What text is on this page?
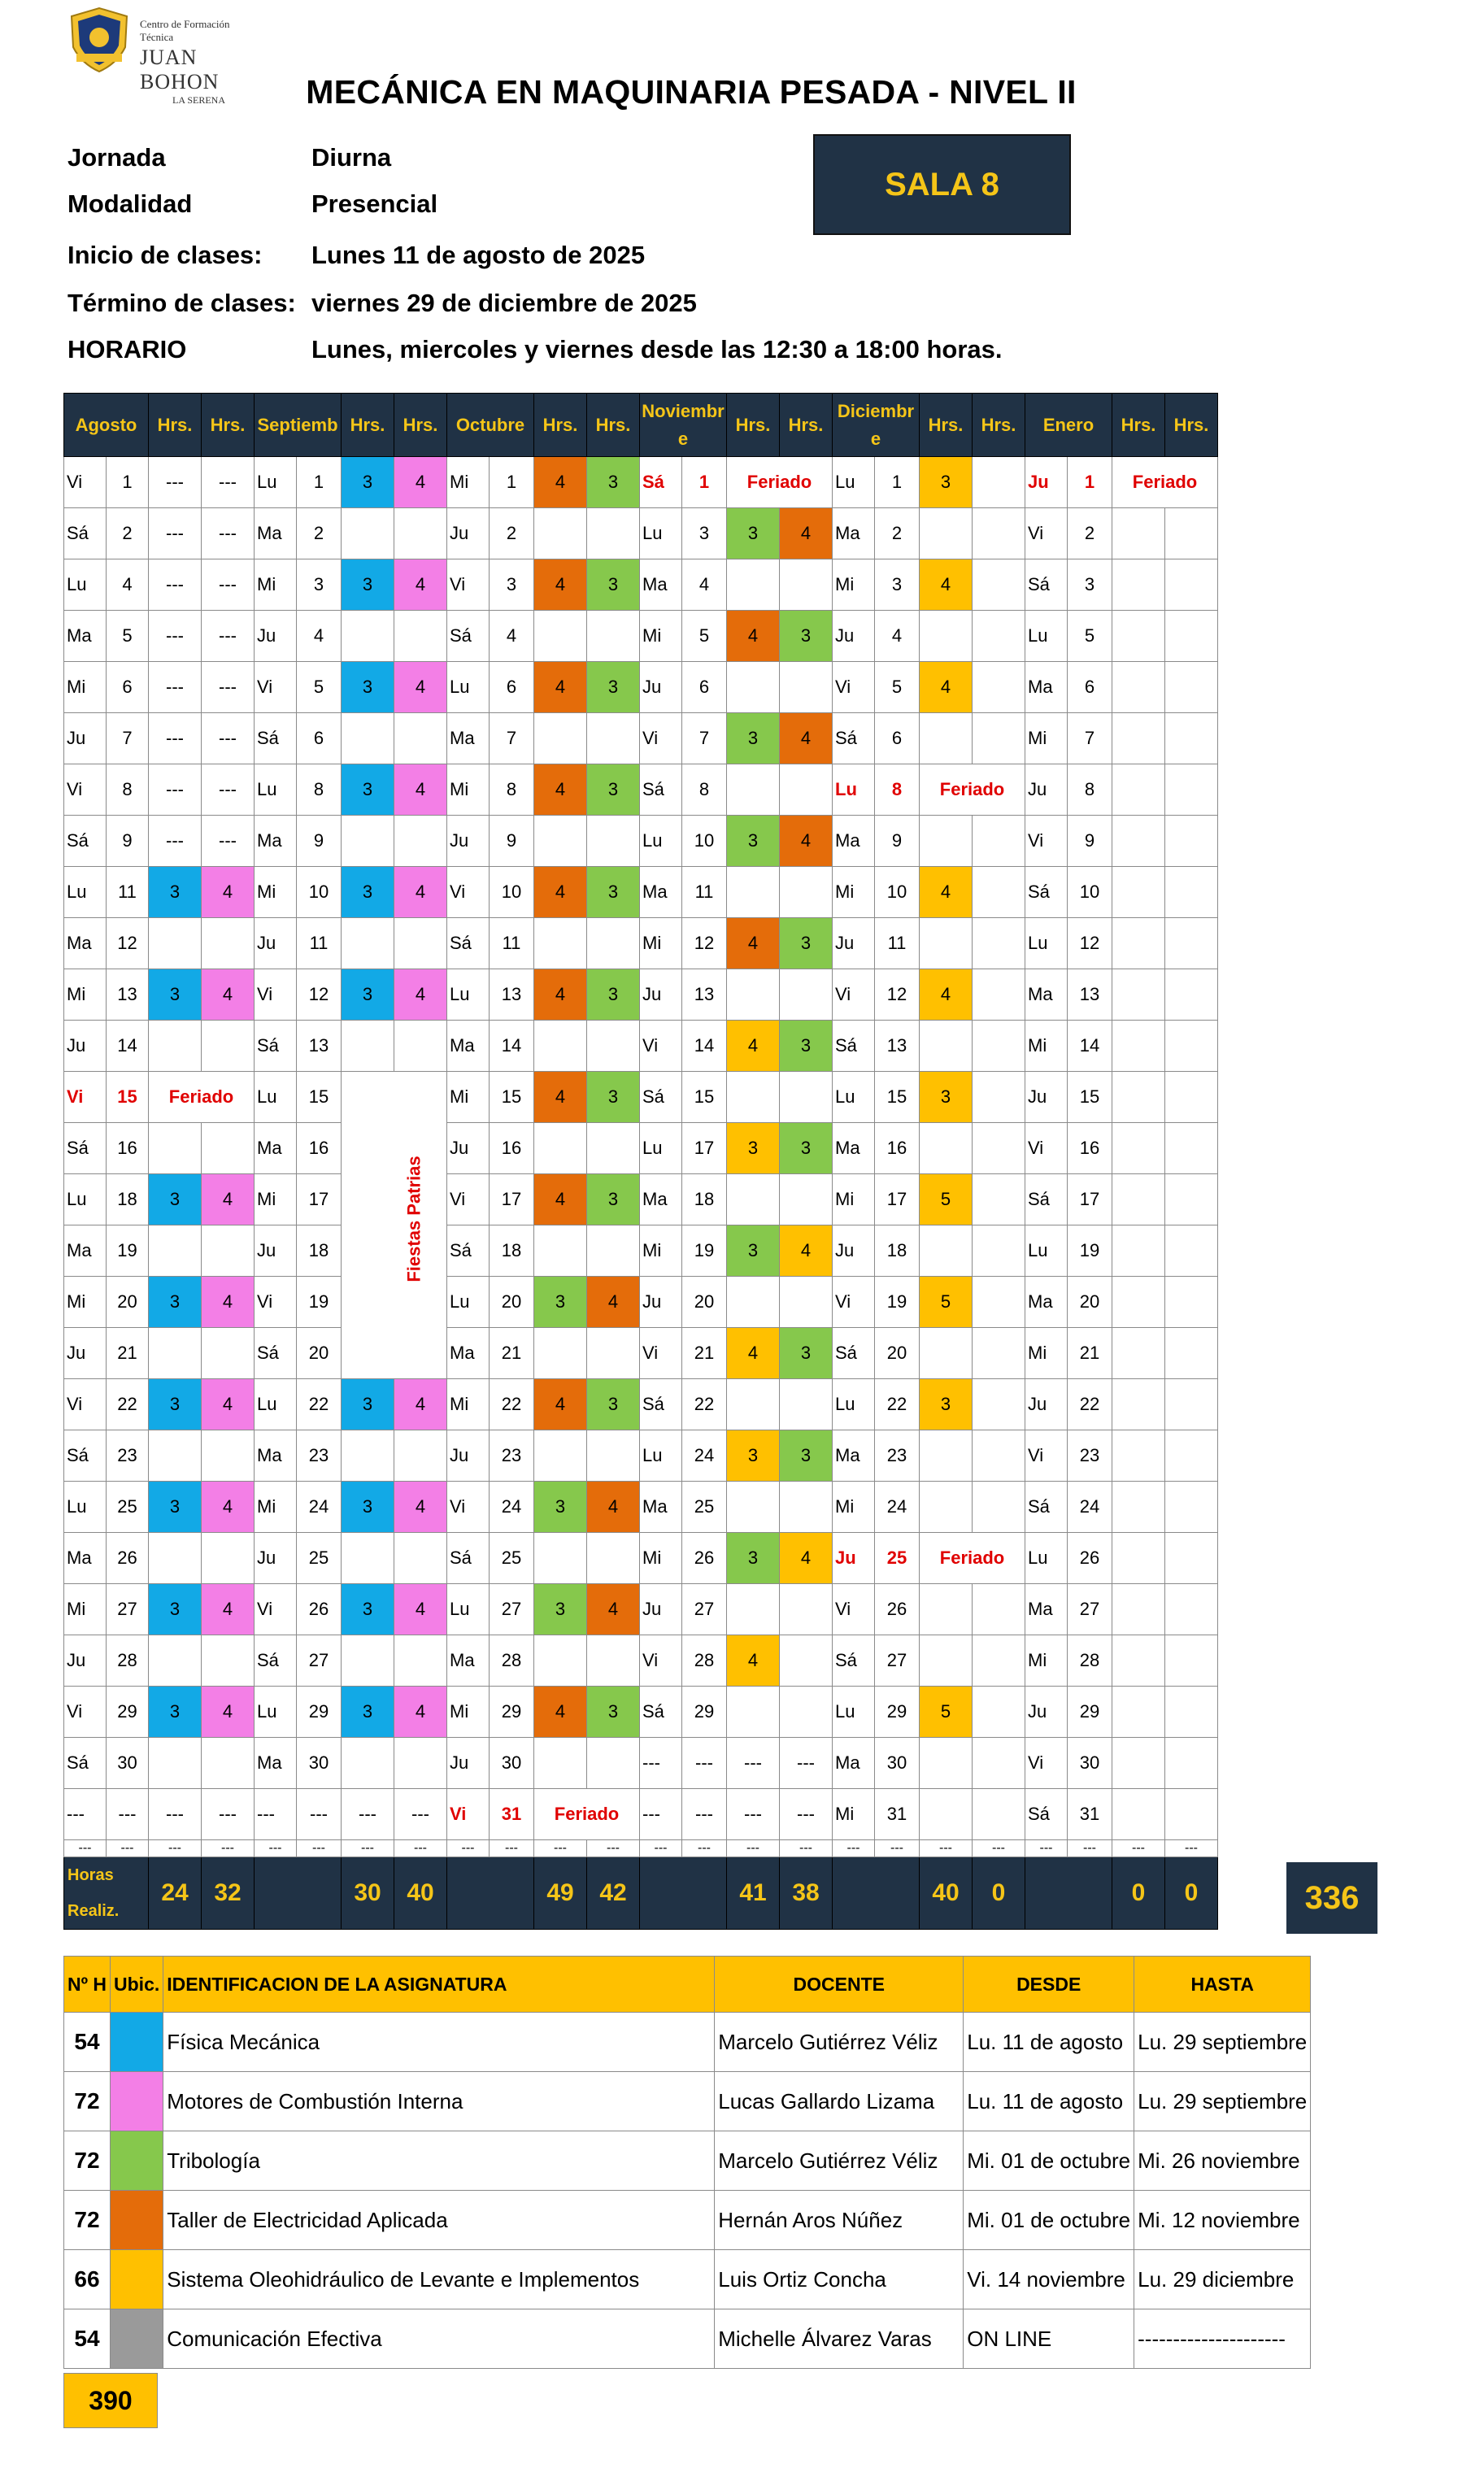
Centro de Formación Técnica
JUAN BOHON
LA SERENA	MECÁNICA EN MAQUINARIA PESADA - NIVEL II
Jornada	Diurna
Modalidad	Presencial
Inicio de clases: Lunes 11 de agosto de 2025
Término de clases: viernes 29 de diciembre de 2025
HORARIO	Lunes, miercoles y viernes desde las 12:30 a 18:00 horas.
SALA 8
Agosto		Hrs.	Hrs.	Septiemb		Hrs.	Hrs.	Octubre		Hrs.	Hrs.	Noviembre		Hrs.	Hrs.	Diciembre		Hrs.	Hrs.	Enero		Hrs.	Hrs.
Vi	1	---	---	Lu	1	3	4	Mi	1	4	3	Sá	1	Feriado		Lu	1	3		Ju	1	Feriado	
Sá	2	---	---	Ma	2			Ju	2			Lu	3	3	4	Ma	2			Vi	2		
Lu	4	---	---	Mi	3	3	4	Vi	3	4	3	Ma	4			Mi	3	4		Sá	3		
Ma	5	---	---	Ju	4			Sá	4			Mi	5	4	3	Ju	4			Lu	5		
Mi	6	---	---	Vi	5	3	4	Lu	6	4	3	Ju	6			Vi	5	4		Ma	6		
Ju	7	---	---	Sá	6			Ma	7			Vi	7	3	4	Sá	6			Mi	7		
Vi	8	---	---	Lu	8	3	4	Mi	8	4	3	Sá	8			Lu	8	Feriado		Ju	8		
Sá	9	---	---	Ma	9			Ju	9			Lu	10	3	4	Ma	9			Vi	9		
Lu	11	3	4	Mi	10	3	4	Vi	10	4	3	Ma	11			Mi	10	4		Sá	10		
Ma	12			Ju	11			Sá	11			Mi	12	4	3	Ju	11			Lu	12		
Mi	13	3	4	Vi	12	3	4	Lu	13	4	3	Ju	13			Vi	12	4		Ma	13		
Ju	14			Sá	13			Ma	14			Vi	14	4	3	Sá	13			Mi	14		
Vi	15	Feriado		Lu	15			Mi	15	4	3	Sá	15			Lu	15	3		Ju	15		
Sá	16			Ma	16			Ju	16			Lu	17	3	3	Ma	16			Vi	16		
Lu	18	3	4	Mi	17			Vi	17	4	3	Ma	18			Mi	17	5		Sá	17		
Ma	19			Ju	18			Sá	18			Mi	19	3	4	Ju	18			Lu	19		
Mi	20	3	4	Vi	19			Lu	20	3	4	Ju	20			Vi	19	5		Ma	20		
Ju	21			Sá	20			Ma	21			Vi	21	4	3	Sá	20			Mi	21		
Vi	22	3	4	Lu	22	3	4	Mi	22	4	3	Sá	22			Lu	22	3		Ju	22		
Sá	23			Ma	23			Ju	23			Lu	24	3	3	Ma	23			Vi	23		
Lu	25	3	4	Mi	24	3	4	Vi	24	3	4	Ma	25			Mi	24			Sá	24		
Ma	26			Ju	25			Sá	25			Mi	26	3	4	Ju	25	Feriado		Lu	26		
Mi	27	3	4	Vi	26	3	4	Lu	27	3	4	Ju	27			Vi	26			Ma	27		
Ju	28			Sá	27			Ma	28			Vi	28	4		Sá	27			Mi	28		
Vi	29	3	4	Lu	29	3	4	Mi	29	4	3	Sá	29			Lu	29	5		Ju	29		
Sá	30			Ma	30			Ju	30			---	---	---	---	Ma	30			Vi	30		
---	---	---	---	---	---	---	---	Vi	31	Feriado		---	---	---	---	Mi	31			Sá	31		
---	---	---	---	---	---	---	---	---	---	---	---	---	---	---	---	---	---	---	---	---	---	---	---

Horas
Realiz.		24	32			30	40			49	42			41	38			40	0			0	0
Fiestas Patrias
336
Nº H	Ubic.	IDENTIFICACION DE LA ASIGNATURA	DOCENTE	DESDE	HASTA
54		Física Mecánica	Marcelo Gutiérrez Véliz	Lu. 11 de agosto	Lu. 29 septiembre
72		Motores de Combustión Interna	Lucas Gallardo Lizama	Lu. 11 de agosto	Lu. 29 septiembre
72		Tribología	Marcelo Gutiérrez Véliz	Mi. 01 de octubre	Mi. 26 noviembre
72		Taller de Electricidad Aplicada	Hernán Aros Núñez	Mi. 01 de octubre	Mi. 12 noviembre
66		Sistema Oleohidráulico de Levante e Implementos	Luis Ortiz Concha	Vi. 14 noviembre	Lu. 29 diciembre
54		Comunicación Efectiva	Michelle Álvarez Varas	ON LINE	---------------------
390
